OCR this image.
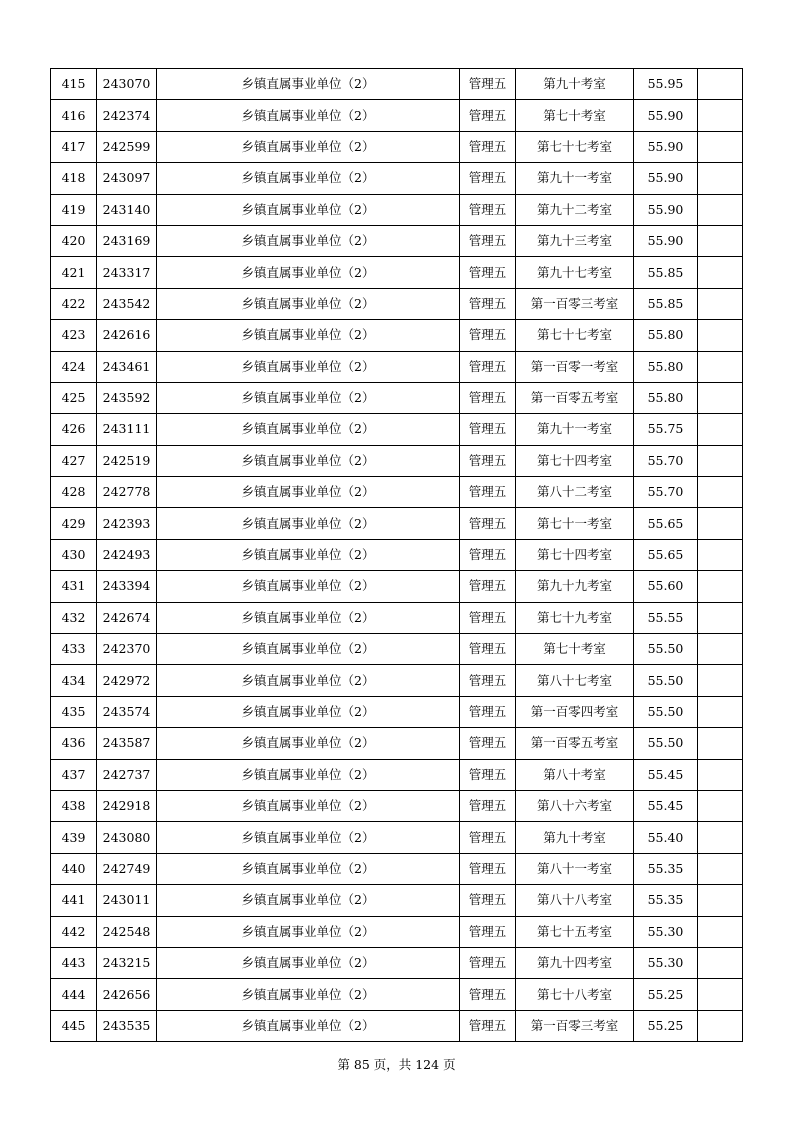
415	243070	乡镇直属事业单位（2）	管理五	第九十考室	55.95	
416	242374	乡镇直属事业单位（2）	管理五	第七十考室	55.90	
417	242599	乡镇直属事业单位（2）	管理五	第七十七考室	55.90	
418	243097	乡镇直属事业单位（2）	管理五	第九十一考室	55.90	
419	243140	乡镇直属事业单位（2）	管理五	第九十二考室	55.90	
420	243169	乡镇直属事业单位（2）	管理五	第九十三考室	55.90	
421	243317	乡镇直属事业单位（2）	管理五	第九十七考室	55.85	
422	243542	乡镇直属事业单位（2）	管理五	第一百零三考室	55.85	
423	242616	乡镇直属事业单位（2）	管理五	第七十七考室	55.80	
424	243461	乡镇直属事业单位（2）	管理五	第一百零一考室	55.80	
425	243592	乡镇直属事业单位（2）	管理五	第一百零五考室	55.80	
426	243111	乡镇直属事业单位（2）	管理五	第九十一考室	55.75	
427	242519	乡镇直属事业单位（2）	管理五	第七十四考室	55.70	
428	242778	乡镇直属事业单位（2）	管理五	第八十二考室	55.70	
429	242393	乡镇直属事业单位（2）	管理五	第七十一考室	55.65	
430	242493	乡镇直属事业单位（2）	管理五	第七十四考室	55.65	
431	243394	乡镇直属事业单位（2）	管理五	第九十九考室	55.60	
432	242674	乡镇直属事业单位（2）	管理五	第七十九考室	55.55	
433	242370	乡镇直属事业单位（2）	管理五	第七十考室	55.50	
434	242972	乡镇直属事业单位（2）	管理五	第八十七考室	55.50	
435	243574	乡镇直属事业单位（2）	管理五	第一百零四考室	55.50	
436	243587	乡镇直属事业单位（2）	管理五	第一百零五考室	55.50	
437	242737	乡镇直属事业单位（2）	管理五	第八十考室	55.45	
438	242918	乡镇直属事业单位（2）	管理五	第八十六考室	55.45	
439	243080	乡镇直属事业单位（2）	管理五	第九十考室	55.40	
440	242749	乡镇直属事业单位（2）	管理五	第八十一考室	55.35	
441	243011	乡镇直属事业单位（2）	管理五	第八十八考室	55.35	
442	242548	乡镇直属事业单位（2）	管理五	第七十五考室	55.30	
443	243215	乡镇直属事业单位（2）	管理五	第九十四考室	55.30	
444	242656	乡镇直属事业单位（2）	管理五	第七十八考室	55.25	
445	243535	乡镇直属事业单位（2）	管理五	第一百零三考室	55.25	
第 85 页，共 124 页
